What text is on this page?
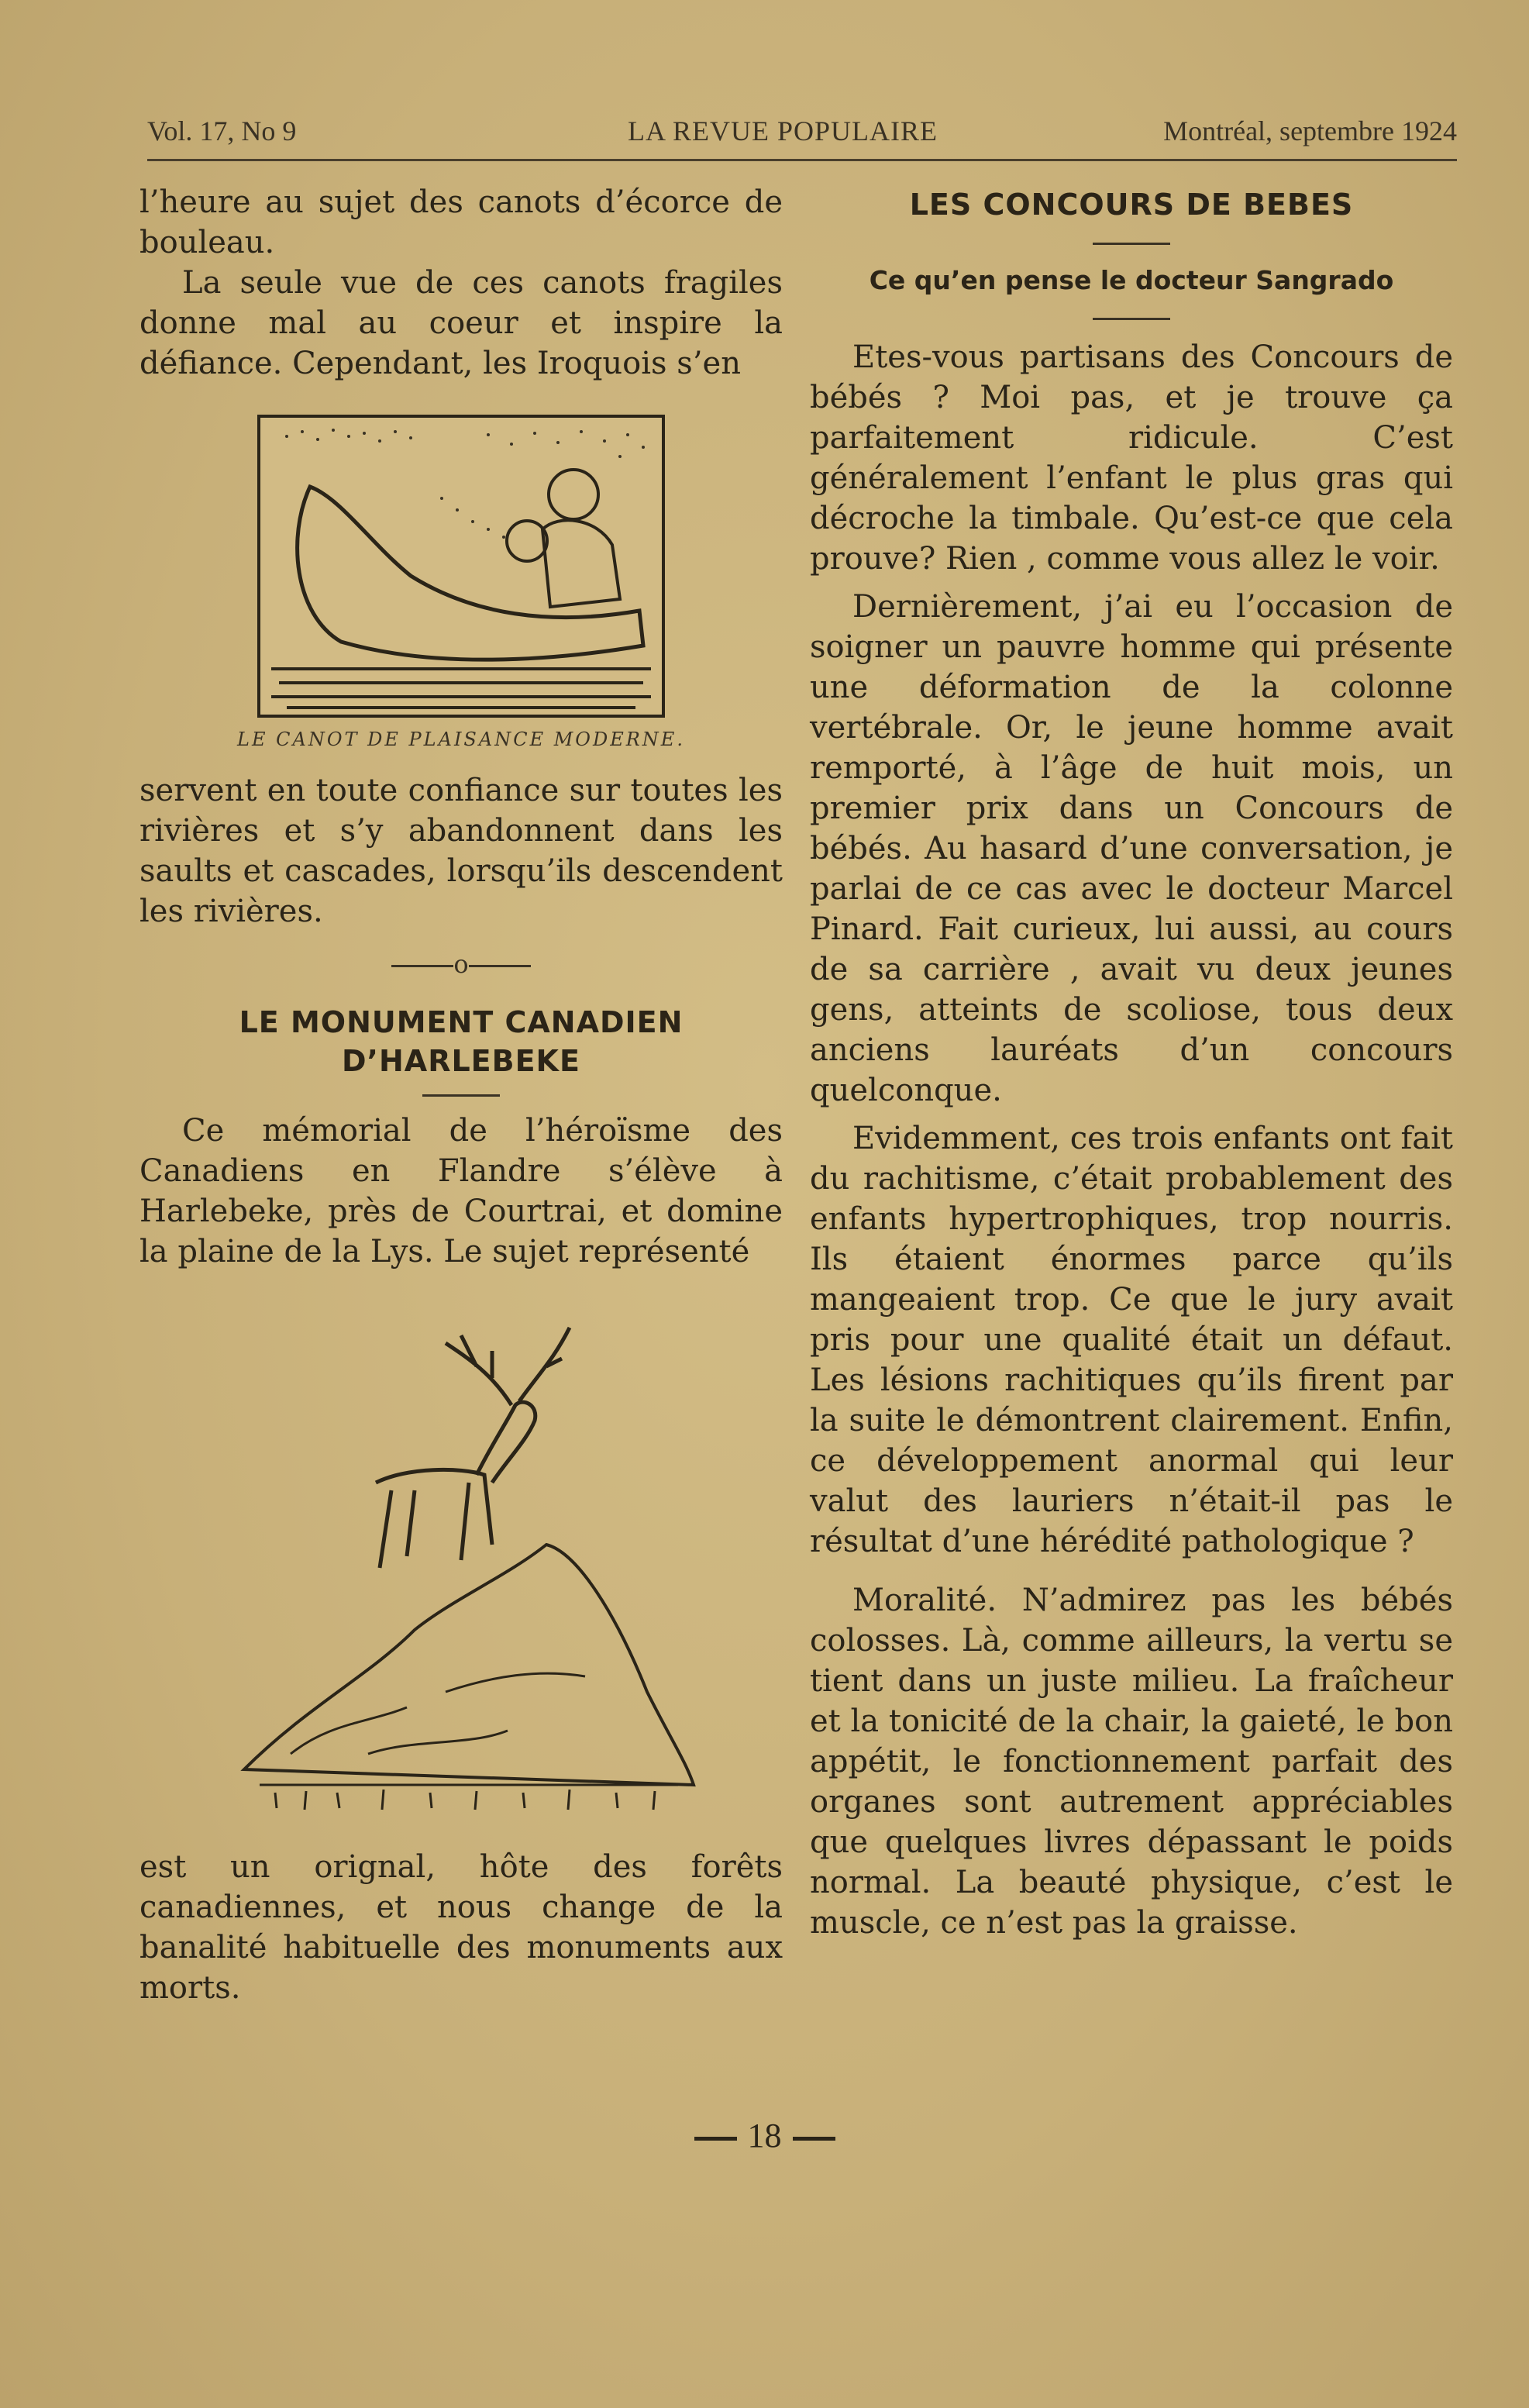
Vol. 17, No 9	LA REVUE POPULAIRE	Montréal, septembre 1924

l’heure au sujet des canots d’écorce de bouleau.

La seule vue de ces canots fragiles donne mal au coeur et inspire la défiance. Cependant, les Iroquois s’en

LE CANOT DE PLAISANCE MODERNE.

servent en toute confiance sur toutes les rivières et s’y abandonnent dans les saults et cascades, lorsqu’ils descendent les rivières.

o
LE MONUMENT CANADIEN D’HARLEBEKE

Ce mémorial de l’héroïsme des Canadiens en Flandre s’élève à Harlebeke, près de Courtrai, et domine la plaine de la Lys. Le sujet représenté

est un orignal, hôte des forêts canadiennes, et nous change de la banalité habituelle des monuments aux morts.

LES CONCOURS DE BEBES
Ce qu’en pense le docteur Sangrado

Etes-vous partisans des Concours de bébés ? Moi pas, et je trouve ça parfaitement ridicule. C’est généralement l’enfant le plus gras qui décroche la timbale. Qu’est-ce que cela prouve? Rien , comme vous allez le voir.

Dernièrement, j’ai eu l’occasion de soigner un pauvre homme qui présente une déformation de la colonne vertébrale. Or, le jeune homme avait remporté, à l’âge de huit mois, un premier prix dans un Concours de bébés. Au hasard d’une conversation, je parlai de ce cas avec le docteur Marcel Pinard. Fait curieux, lui aussi, au cours de sa carrière , avait vu deux jeunes gens, atteints de scoliose, tous deux anciens lauréats d’un concours quelconque.

Evidemment, ces trois enfants ont fait du rachitisme, c’était probablement des enfants hypertrophiques, trop nourris. Ils étaient énormes parce qu’ils mangeaient trop. Ce que le jury avait pris pour une qualité était un défaut. Les lésions rachitiques qu’ils firent par la suite le démontrent clairement. Enfin, ce développement anormal qui leur valut des lauriers n’était-il pas le résultat d’une hérédité pathologique ?

Moralité. N’admirez pas les bébés colosses. Là, comme ailleurs, la vertu se tient dans un juste milieu. La fraîcheur et la tonicité de la chair, la gaieté, le bon appétit, le fonctionnement parfait des organes sont autrement appréciables que quelques livres dépassant le poids normal. La beauté physique, c’est le muscle, ce n’est pas la graisse.

18
